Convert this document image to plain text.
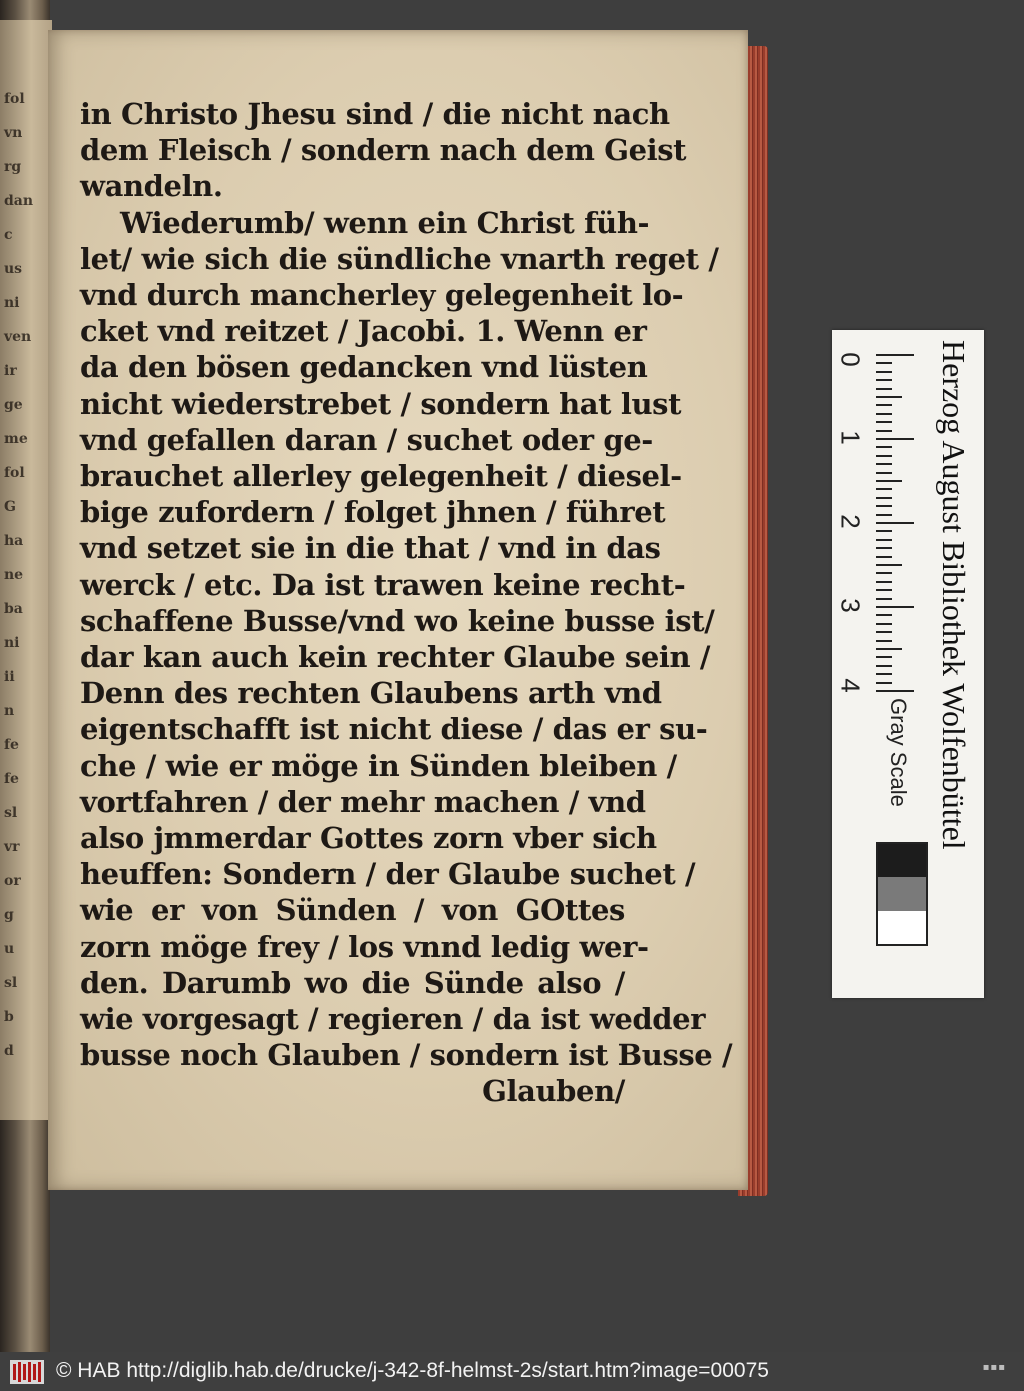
fol
vn
rg
dan
c
us
ni
ven
ir
ge
me
fol
G
ha
ne
ba
ni
ii
n
fe
fe
sl
vr
or
g
u
sl
b
d
in Christo Jhesu sind / die nicht nach
dem Fleisch / sondern nach dem Geist
wandeln.
Wiederumb/ wenn ein Christ füh-
let/ wie sich die sündliche vnarth reget /
vnd durch mancherley gelegenheit lo-
cket vnd reitzet / Jacobi. 1. Wenn er
da den bösen gedancken vnd lüsten
nicht wiederstrebet / sondern hat lust
vnd gefallen daran / suchet oder ge-
brauchet allerley gelegenheit / diesel-
bige zufordern / folget jhnen / führet
vnd setzet sie in die that / vnd in das
werck / etc. Da ist trawen keine recht-
schaffene Busse/vnd wo keine busse ist/
dar kan auch kein rechter Glaube sein /
Denn des rechten Glaubens arth vnd
eigentschafft ist nicht diese / das er su-
che / wie er möge in Sünden bleiben /
vortfahren / der mehr machen / vnd
also jmmerdar Gottes zorn vber sich
heuffen: Sondern / der Glaube suchet /
wie er von Sünden / von GOttes
zorn möge frey / los vnnd ledig wer-
den. Darumb wo die Sünde also /
wie vorgesagt / regieren / da ist wedder
busse noch Glauben / sondern ist Busse /
Glauben/
0
1
2
3
4	Herzog August Bibliothek Wolfenbüttel
Gray Scale
© HAB http://diglib.hab.de/drucke/j-342-8f-helmst-2s/start.htm?image=00075	▪▪▪
